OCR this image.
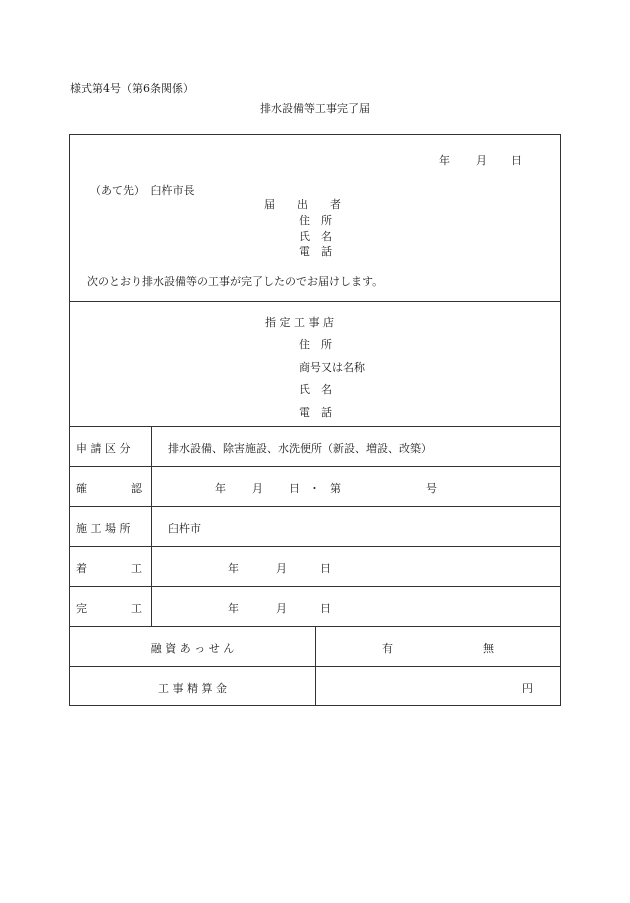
様式第4号（第6条関係）
排水設備等工事完了届
年 月 日
（あて先）　臼杵市長
届　　出　　者
住　所
氏　名
電　話
次のとおり排水設備等の工事が完了したのでお届けします。
指 定 工 事 店
住　所
商号又は名称
氏　名
電　話
申 請 区 分	排水設備、除害施設、水洗便所（新設、増設、改築）
確　　　　認	年 月 日 ・ 第	号
施 工 場 所	臼杵市
着　　　　工	年	月	日
完　　　　工	年	月	日
融 資 あ っ せ ん	有	無
工 事 精 算 金	円
